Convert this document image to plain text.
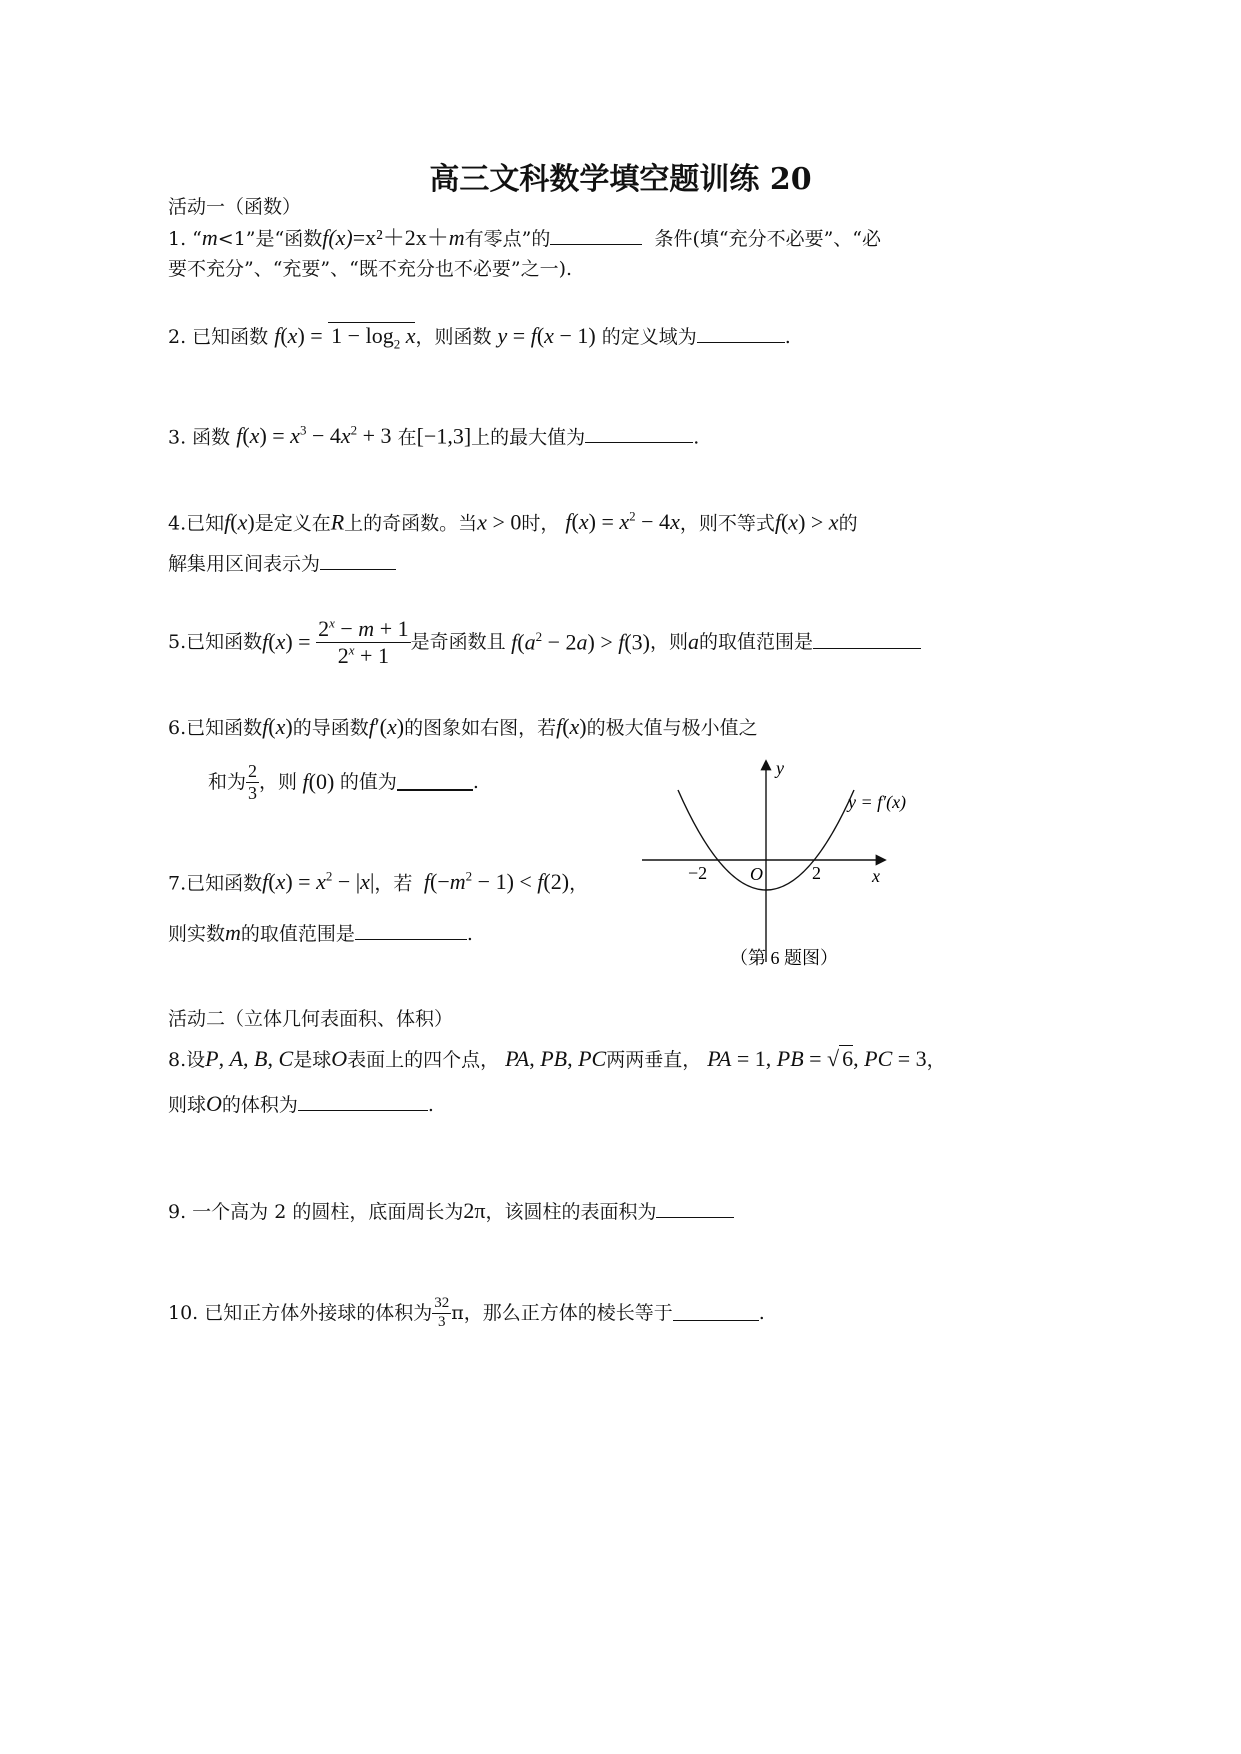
高三文科数学填空题训练 20
活动一（函数）
1. “m<1”是“函数f(x)=x²＋2x＋m有零点”的	条件(填“充分不必要”、“必
要不充分”、“充要”、“既不充分也不必要”之一).
2. 已知函数 $f(x) = 1 - \log_2 x$，则函数 y = f(x − 1) 的定义域为	.
3. 函数 $f(x) = x^3 - 4x^2 + 3$ 在[−1,3]上的最大值为	.
4.已知f(x)是定义在R上的奇函数。当x > 0时， $f(x) = x^2 - 4x$，则不等式f(x) > x的
解集用区间表示为
5.已知函数 $f(x) = \frac{2^x - m + 1}{2^x + 1}$ 是奇函数且 $f(a^2 - 2a) > f(3)$ ，则 a 的取值范围是
6.已知函数f(x)的导函数f′(x)的图象如右图，若f(x)的极大值与极小值之
和为 $\frac{2}{3}$ ，则 f(0) 的值为	.
7.已知函数$f(x) = x^2 - |x|$，若 $f(-m^2 - 1) < f(2)$，
则实数m的取值范围是	.
y
x
O
−2	2
y = f′(x)
（第 6 题图）
活动二（立体几何表面积、体积）
8.设P, A, B, C是球O表面上的四个点， PA, PB, PC两两垂直， PA = 1, PB = √ 6, PC = 3，
则球O的体积为	.
9. 一个高为 2 的圆柱，底面周长为2π，该圆柱的表面积为
10. 已知正方体外接球的体积为 $\frac{32}{3}$ π，那么正方体的棱长等于	.
